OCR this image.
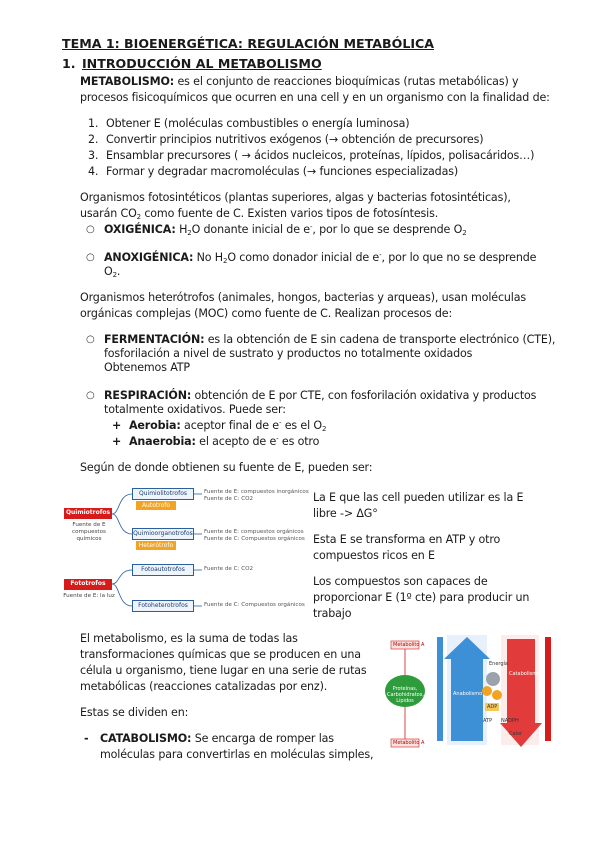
TEMA 1: BIOENERGÉTICA: REGULACIÓN METABÓLICA
1. INTRODUCCIÓN AL METABOLISMO
METABOLISMO: es el conjunto de reacciones bioquímicas (rutas metabólicas) y
procesos fisicoquímicos que ocurren en una cell y en un organismo con la finalidad de:
1. Obtener E (moléculas combustibles o energía luminosa)
2. Convertir principios nutritivos exógenos (→ obtención de precursores)
3. Ensamblar precursores ( → ácidos nucleicos, proteínas, lípidos, polisacáridos…)
4. Formar y degradar macromoléculas (→ funciones especializadas)
Organismos fotosintéticos (plantas superiores, algas y bacterias fotosintéticas),
usarán $CO_2$ como fuente de C. Existen varios tipos de fotosíntesis.
○ OXIGÉNICA: $H_2O$ donante inicial de e-, por lo que se desprende $O_2$
○ ANOXIGÉNICA: No $H_2O$ como donador inicial de e-, por lo que no se desprende
$O_2$.
Organismos heterótrofos (animales, hongos, bacterias y arqueas), usan moléculas
orgánicas complejas (MOC) como fuente de C. Realizan procesos de:
○ FERMENTACIÓN: es la obtención de E sin cadena de transporte electrónico (CTE),
fosforilación a nivel de sustrato y productos no totalmente oxidados
Obtenemos ATP
○ RESPIRACIÓN: obtención de E por CTE, con fosforilación oxidativa y productos
totalmente oxidativos. Puede ser:
+ Aerobia: aceptor final de e- es el $O_2$
+ Anaerobia: el acepto de e- es otro
Según de donde obtienen su fuente de E, pueden ser:
Quimiotrofos
Fuente de E compuestos químicos
Quimiolitotrofos
Autotrofo
Fuente de E: compuestos inorgánicos
Fuente de C: CO2
Quimioorganotrofos
Heterótrofo
Fuente de E: compuestos orgánicos
Fuente de C: Compuestos orgánicos
Fototrofos
Fuente de E: la luz
Fotoautotrofos	Fuente de C: CO2
Fotoheterotrofos	Fuente de C: Compuestos orgánicos
La E que las cell pueden utilizar es la E
libre -> ΔG°
Esta E se transforma en ATP y otro
compuestos ricos en E
Los compuestos son capaces de
proporcionar E (1º cte) para producir un
trabajo
El metabolismo, es la suma de todas las
transformaciones químicas que se producen en una
célula u organismo, tiene lugar en una serie de rutas
metabólicas (reacciones catalizadas por enz).
Estas se dividen en:
- CATABOLISMO: Se encarga de romper las
moléculas para convertirlas en moléculas simples,
Metabolito A
Metabolito A
Proteínas, Carbohidratos, Lípidos
Anabolismo
Catabolismo
Energía
ATP NADPH
ADP
Calor
